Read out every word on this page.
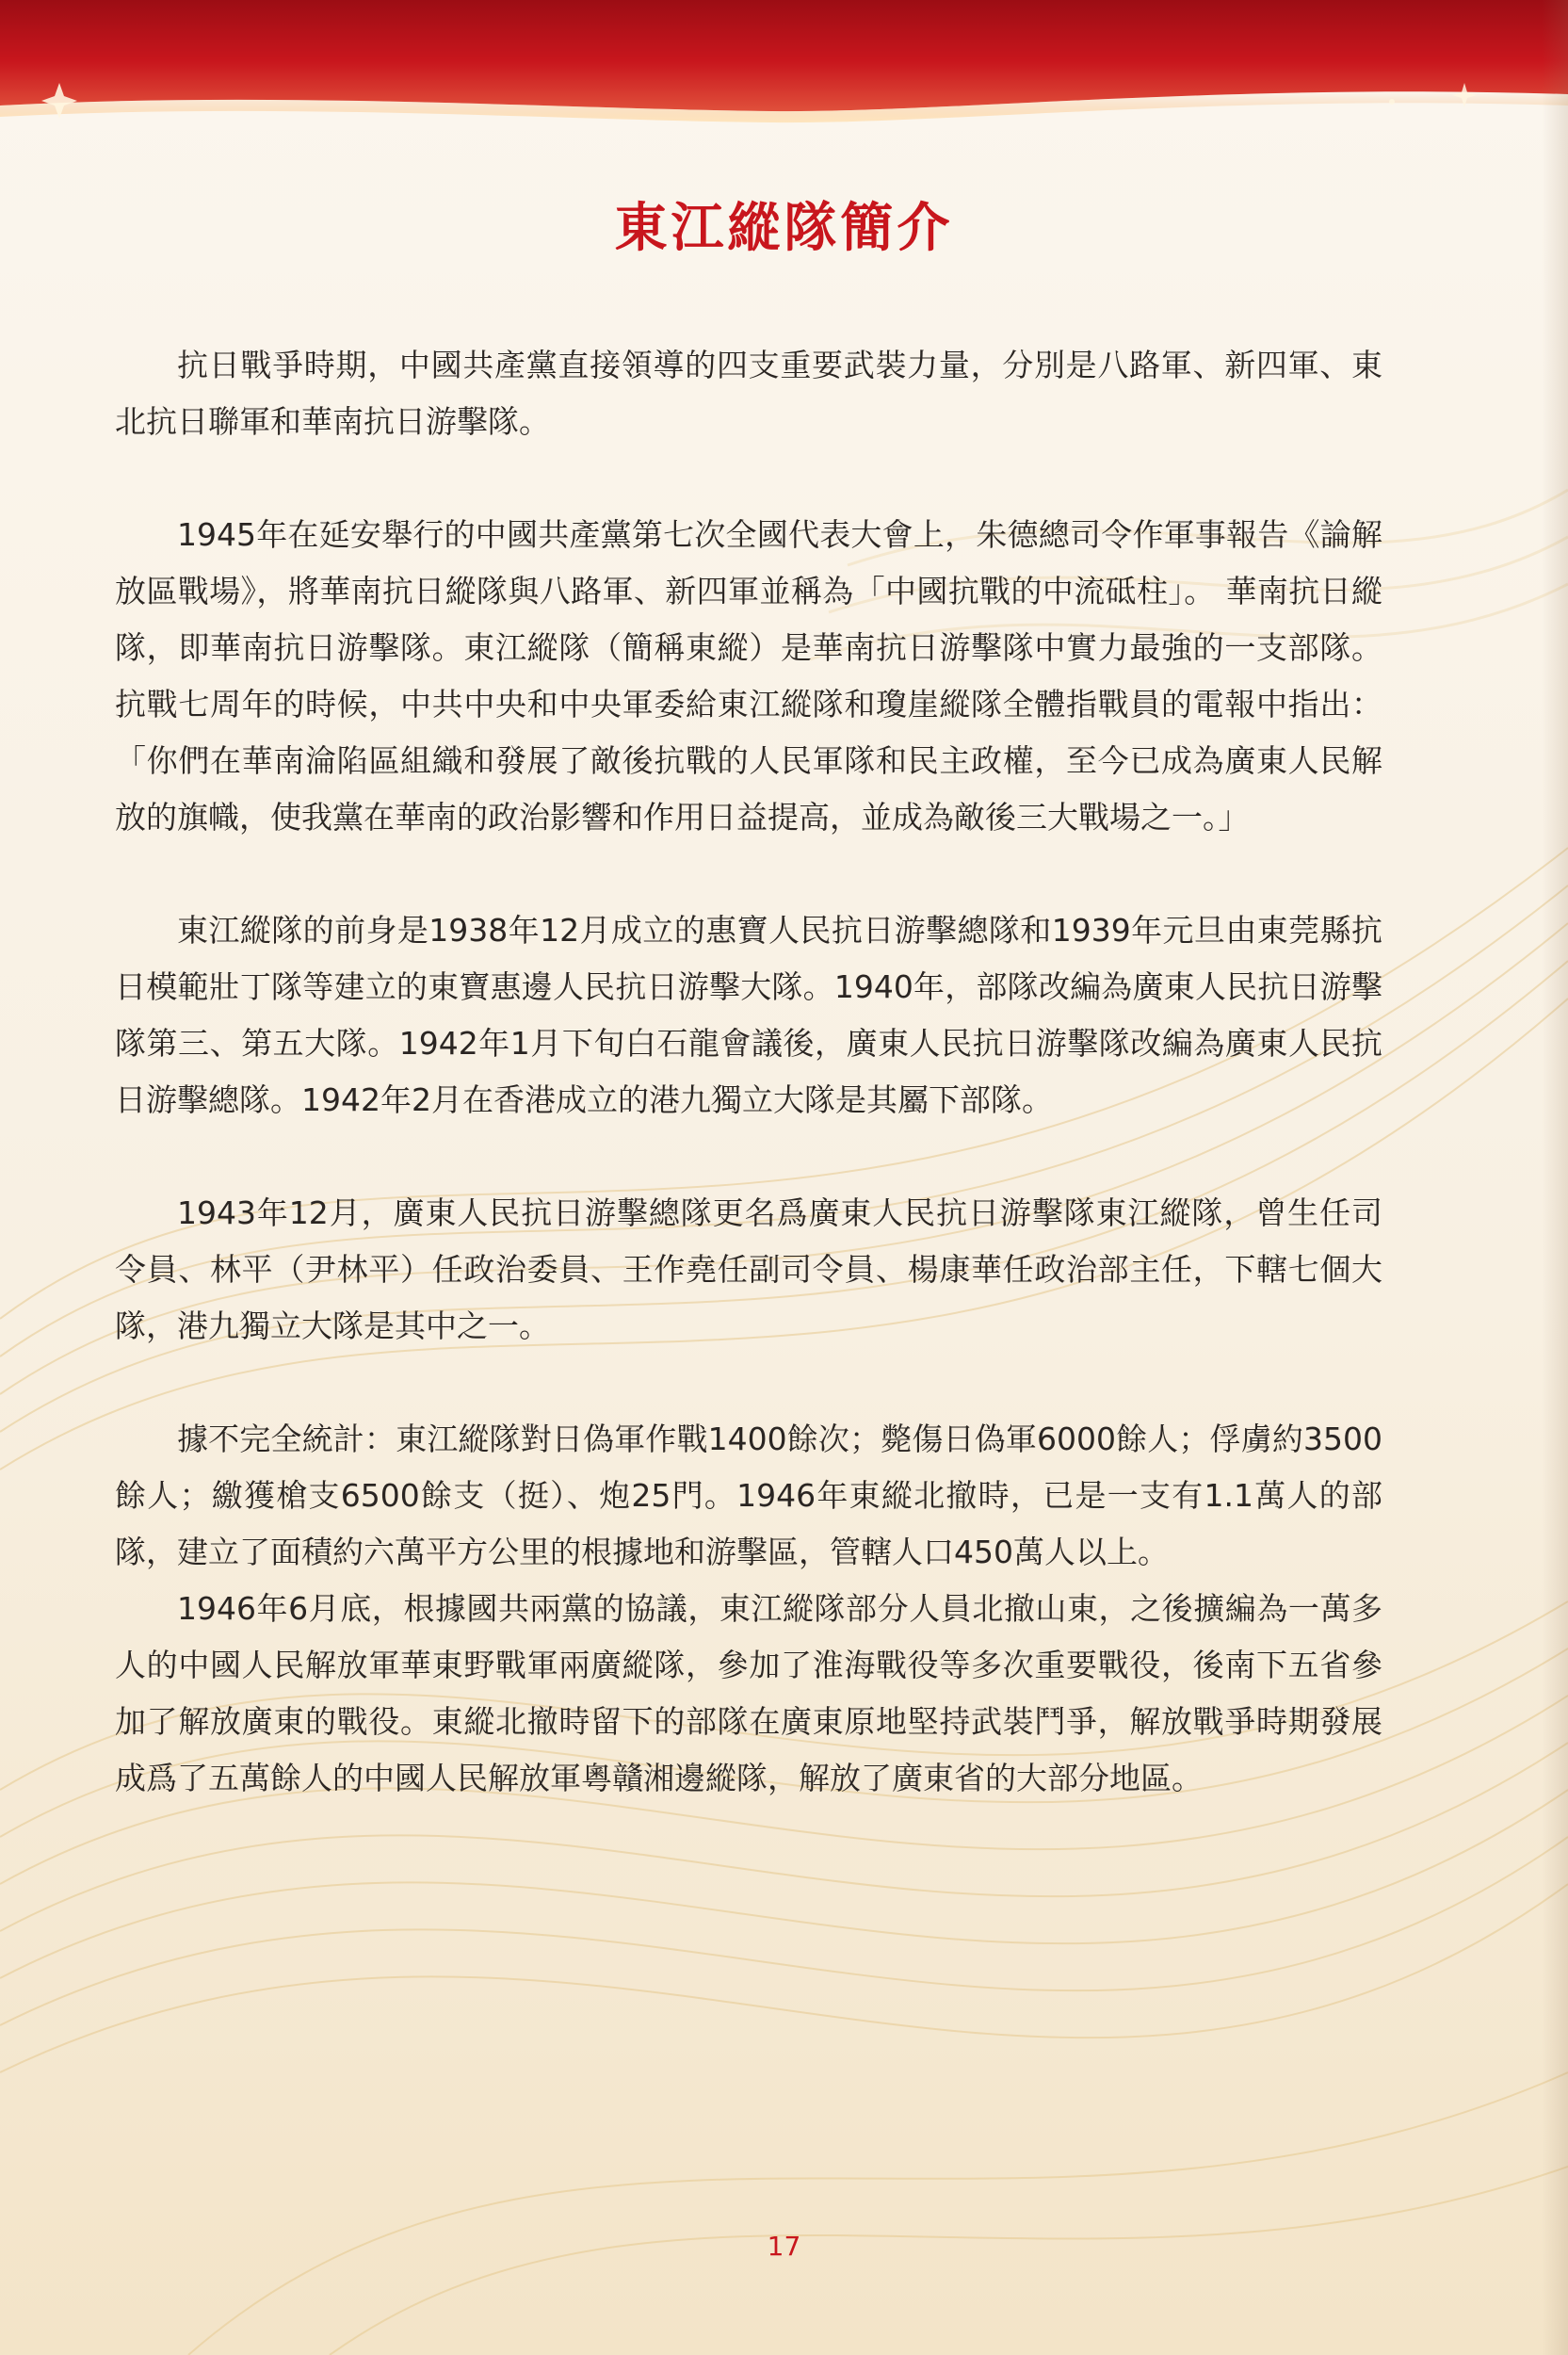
東江縱隊簡介

抗日戰爭時期，中國共產黨直接領導的四支重要武裝力量，分別是八路軍、新四軍、東北抗日聯軍和華南抗日游擊隊。

1945年在延安舉行的中國共產黨第七次全國代表大會上，朱德總司令作軍事報告《論解放區戰場》，將華南抗日縱隊與八路軍、新四軍並稱為「中國抗戰的中流砥柱」。 華南抗日縱隊，即華南抗日游擊隊。東江縱隊（簡稱東縱）是華南抗日游擊隊中實力最強的一支部隊。抗戰七周年的時候，中共中央和中央軍委給東江縱隊和瓊崖縱隊全體指戰員的電報中指出：「你們在華南淪陷區組織和發展了敵後抗戰的人民軍隊和民主政權，至今已成為廣東人民解放的旗幟，使我黨在華南的政治影響和作用日益提高，並成為敵後三大戰場之一。」

東江縱隊的前身是1938年12月成立的惠寶人民抗日游擊總隊和1939年元旦由東莞縣抗日模範壯丁隊等建立的東寶惠邊人民抗日游擊大隊。1940年，部隊改編為廣東人民抗日游擊隊第三、第五大隊。1942年1月下旬白石龍會議後，廣東人民抗日游擊隊改編為廣東人民抗日游擊總隊。1942年2月在香港成立的港九獨立大隊是其屬下部隊。

1943年12月，廣東人民抗日游擊總隊更名爲廣東人民抗日游擊隊東江縱隊，曾生任司令員、林平（尹林平）任政治委員、王作堯任副司令員、楊康華任政治部主任，下轄七個大隊，港九獨立大隊是其中之一。

據不完全統計：東江縱隊對日偽軍作戰1400餘次；斃傷日偽軍6000餘人；俘虜約3500餘人；繳獲槍支6500餘支（挺）、炮25門。1946年東縱北撤時，已是一支有1.1萬人的部隊，建立了面積約六萬平方公里的根據地和游擊區，管轄人口450萬人以上。

1946年6月底，根據國共兩黨的協議，東江縱隊部分人員北撤山東，之後擴編為一萬多人的中國人民解放軍華東野戰軍兩廣縱隊，參加了淮海戰役等多次重要戰役，後南下五省參加了解放廣東的戰役。東縱北撤時留下的部隊在廣東原地堅持武裝鬥爭，解放戰爭時期發展成爲了五萬餘人的中國人民解放軍粵贛湘邊縱隊，解放了廣東省的大部分地區。

17
